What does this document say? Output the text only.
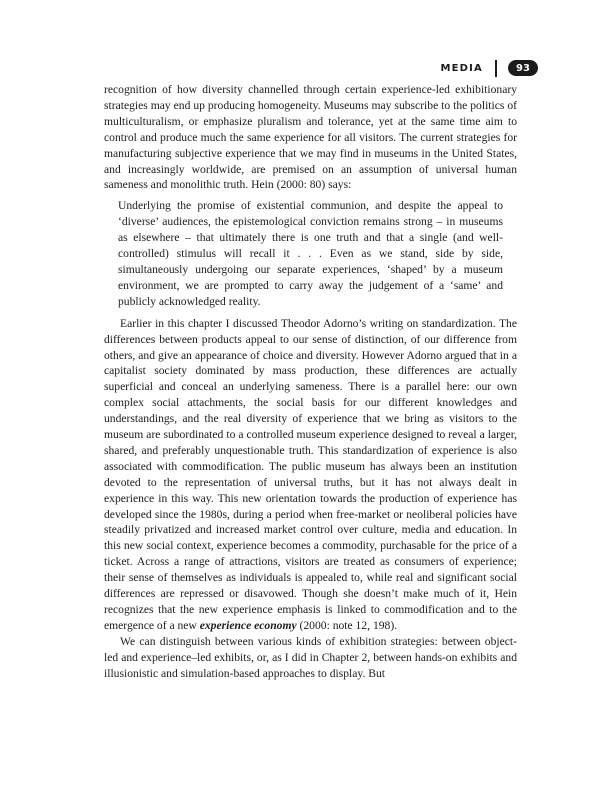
MEDIA	93

recognition of how diversity channelled through certain experience-led exhibitionary strategies may end up producing homogeneity. Museums may subscribe to the politics of multiculturalism, or emphasize pluralism and tolerance, yet at the same time aim to control and produce much the same experience for all visitors. The current strategies for manufacturing subjective experience that we may find in museums in the United States, and increasingly worldwide, are premised on an assumption of universal human sameness and monolithic truth. Hein (2000: 80) says:

Underlying the promise of existential communion, and despite the appeal to ‘diverse’ audiences, the epistemological conviction remains strong – in museums as elsewhere – that ultimately there is one truth and that a single (and well-controlled) stimulus will recall it . . . Even as we stand, side by side, simultaneously undergoing our separate experiences, ‘shaped’ by a museum environment, we are prompted to carry away the judgement of a ‘same’ and publicly acknowledged reality.

Earlier in this chapter I discussed Theodor Adorno’s writing on standardization. The differences between products appeal to our sense of distinction, of our difference from others, and give an appearance of choice and diversity. However Adorno argued that in a capitalist society dominated by mass production, these differences are actually superficial and conceal an underlying sameness. There is a parallel here: our own complex social attachments, the social basis for our different knowledges and understandings, and the real diversity of experience that we bring as visitors to the museum are subordinated to a controlled museum experience designed to reveal a larger, shared, and preferably unquestionable truth. This standardization of experience is also associated with commodification. The public museum has always been an institution devoted to the representation of universal truths, but it has not always dealt in experience in this way. This new orientation towards the production of experience has developed since the 1980s, during a period when free-market or neoliberal policies have steadily privatized and increased market control over culture, media and education. In this new social context, experience becomes a commodity, purchasable for the price of a ticket. Across a range of attractions, visitors are treated as consumers of experience; their sense of themselves as individuals is appealed to, while real and significant social differences are repressed or disavowed. Though she doesn’t make much of it, Hein recognizes that the new experience emphasis is linked to commodification and to the emergence of a new experience economy (2000: note 12, 198).

We can distinguish between various kinds of exhibition strategies: between object-led and experience–led exhibits, or, as I did in Chapter 2, between hands-on exhibits and illusionistic and simulation-based approaches to display. But
